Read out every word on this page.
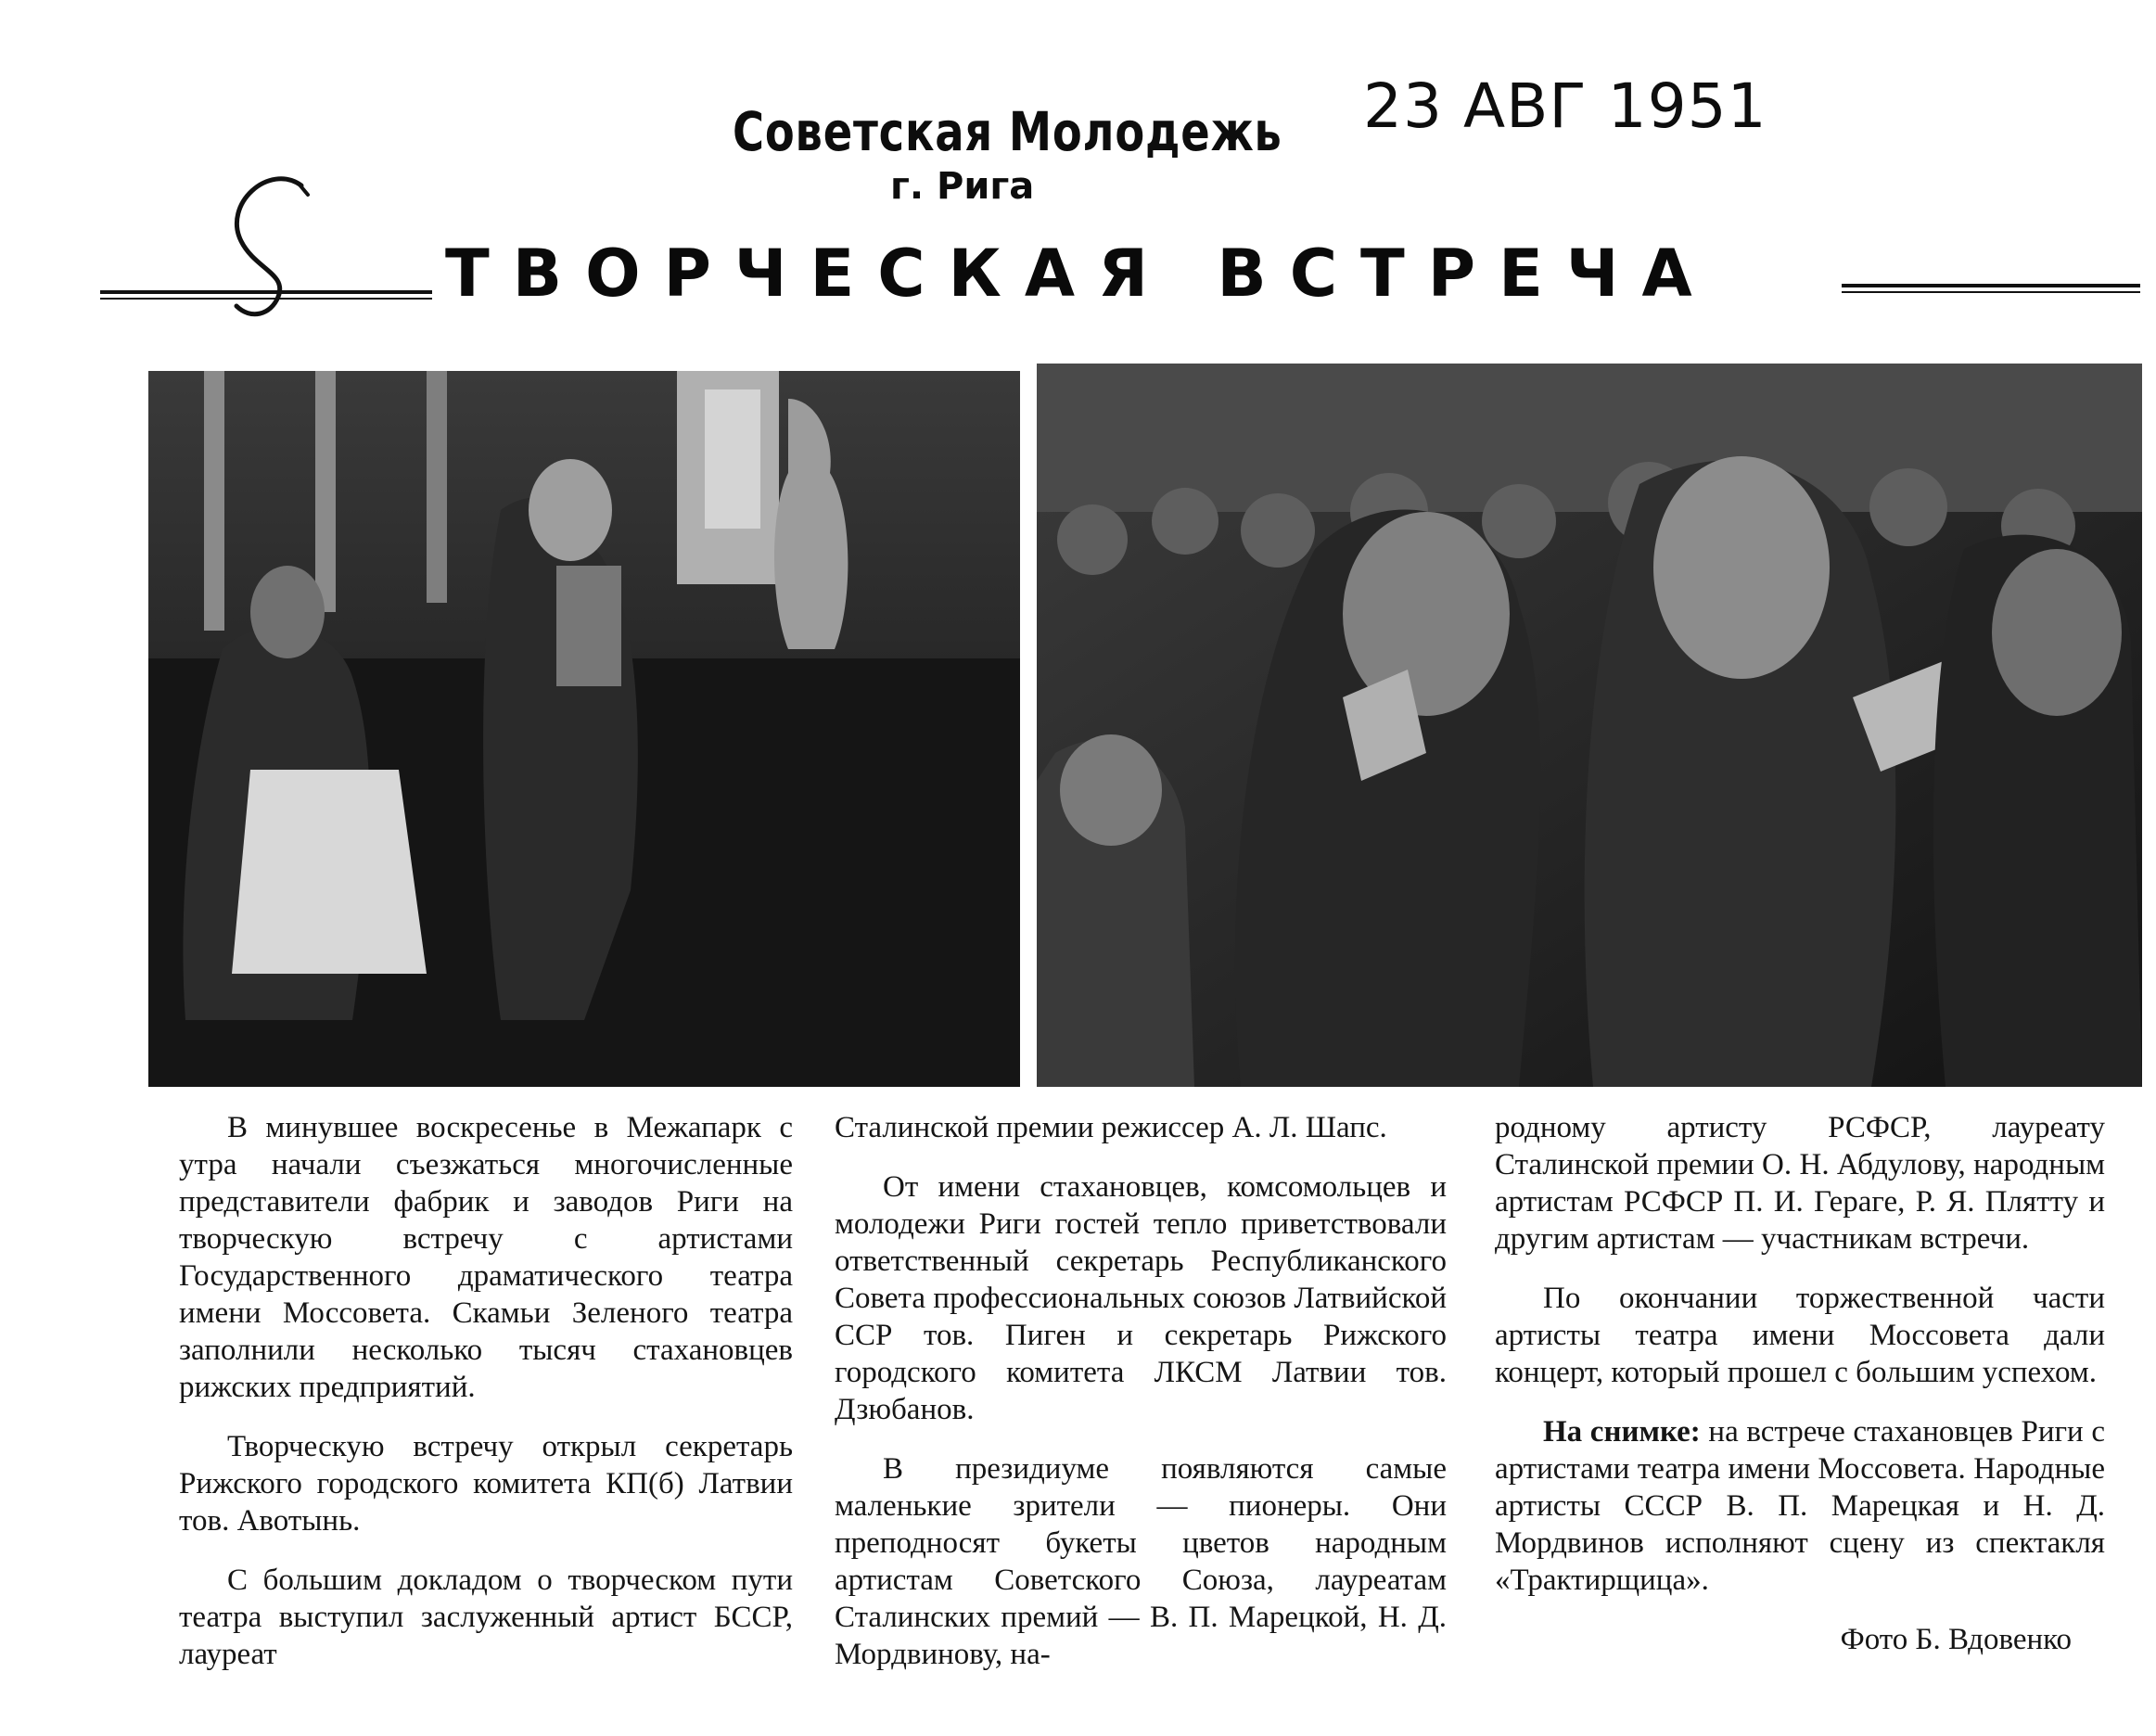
Советская Молодежь
г. Рига
23 АВГ 1951
ТВОРЧЕСКАЯ ВСТРЕЧА

В минувшее воскресенье в Межапарк с утра начали съезжаться многочисленные представители фабрик и заводов Риги на творческую встречу с артистами Государственного драматического театра имени Моссовета. Скамьи Зеленого театра заполнили несколько тысяч стахановцев рижских предприятий.

Творческую встречу открыл секретарь Рижского городского комитета КП(б) Латвии тов. Авотынь.

С большим докладом о творческом пути театра выступил заслуженный артист БССР, лауреат

Сталинской премии режиссер А. Л. Шапс.

От имени стахановцев, комсомольцев и молодежи Риги гостей тепло приветствовали ответственный секретарь Республиканского Совета профессиональных союзов Латвийской ССР тов. Пиген и секретарь Рижского городского комитета ЛКСМ Латвии тов. Дзюбанов.

В президиуме появляются самые маленькие зрители — пионеры. Они преподносят букеты цветов народным артистам Советского Союза, лауреатам Сталинских премий — В. П. Марецкой, Н. Д. Мордвинову, на-

родному артисту РСФСР, лауреату Сталинской премии О. Н. Абдулову, народным артистам РСФСР П. И. Гераге, Р. Я. Плятту и другим артистам — участникам встречи.

По окончании торжественной части артисты театра имени Моссовета дали концерт, который прошел с большим успехом.

На снимке: на встрече стахановцев Риги с артистами театра имени Моссовета. Народные артисты СССР В. П. Марецкая и Н. Д. Мордвинов исполняют сцену из спектакля «Трактирщица».

Фото Б. Вдовенко
